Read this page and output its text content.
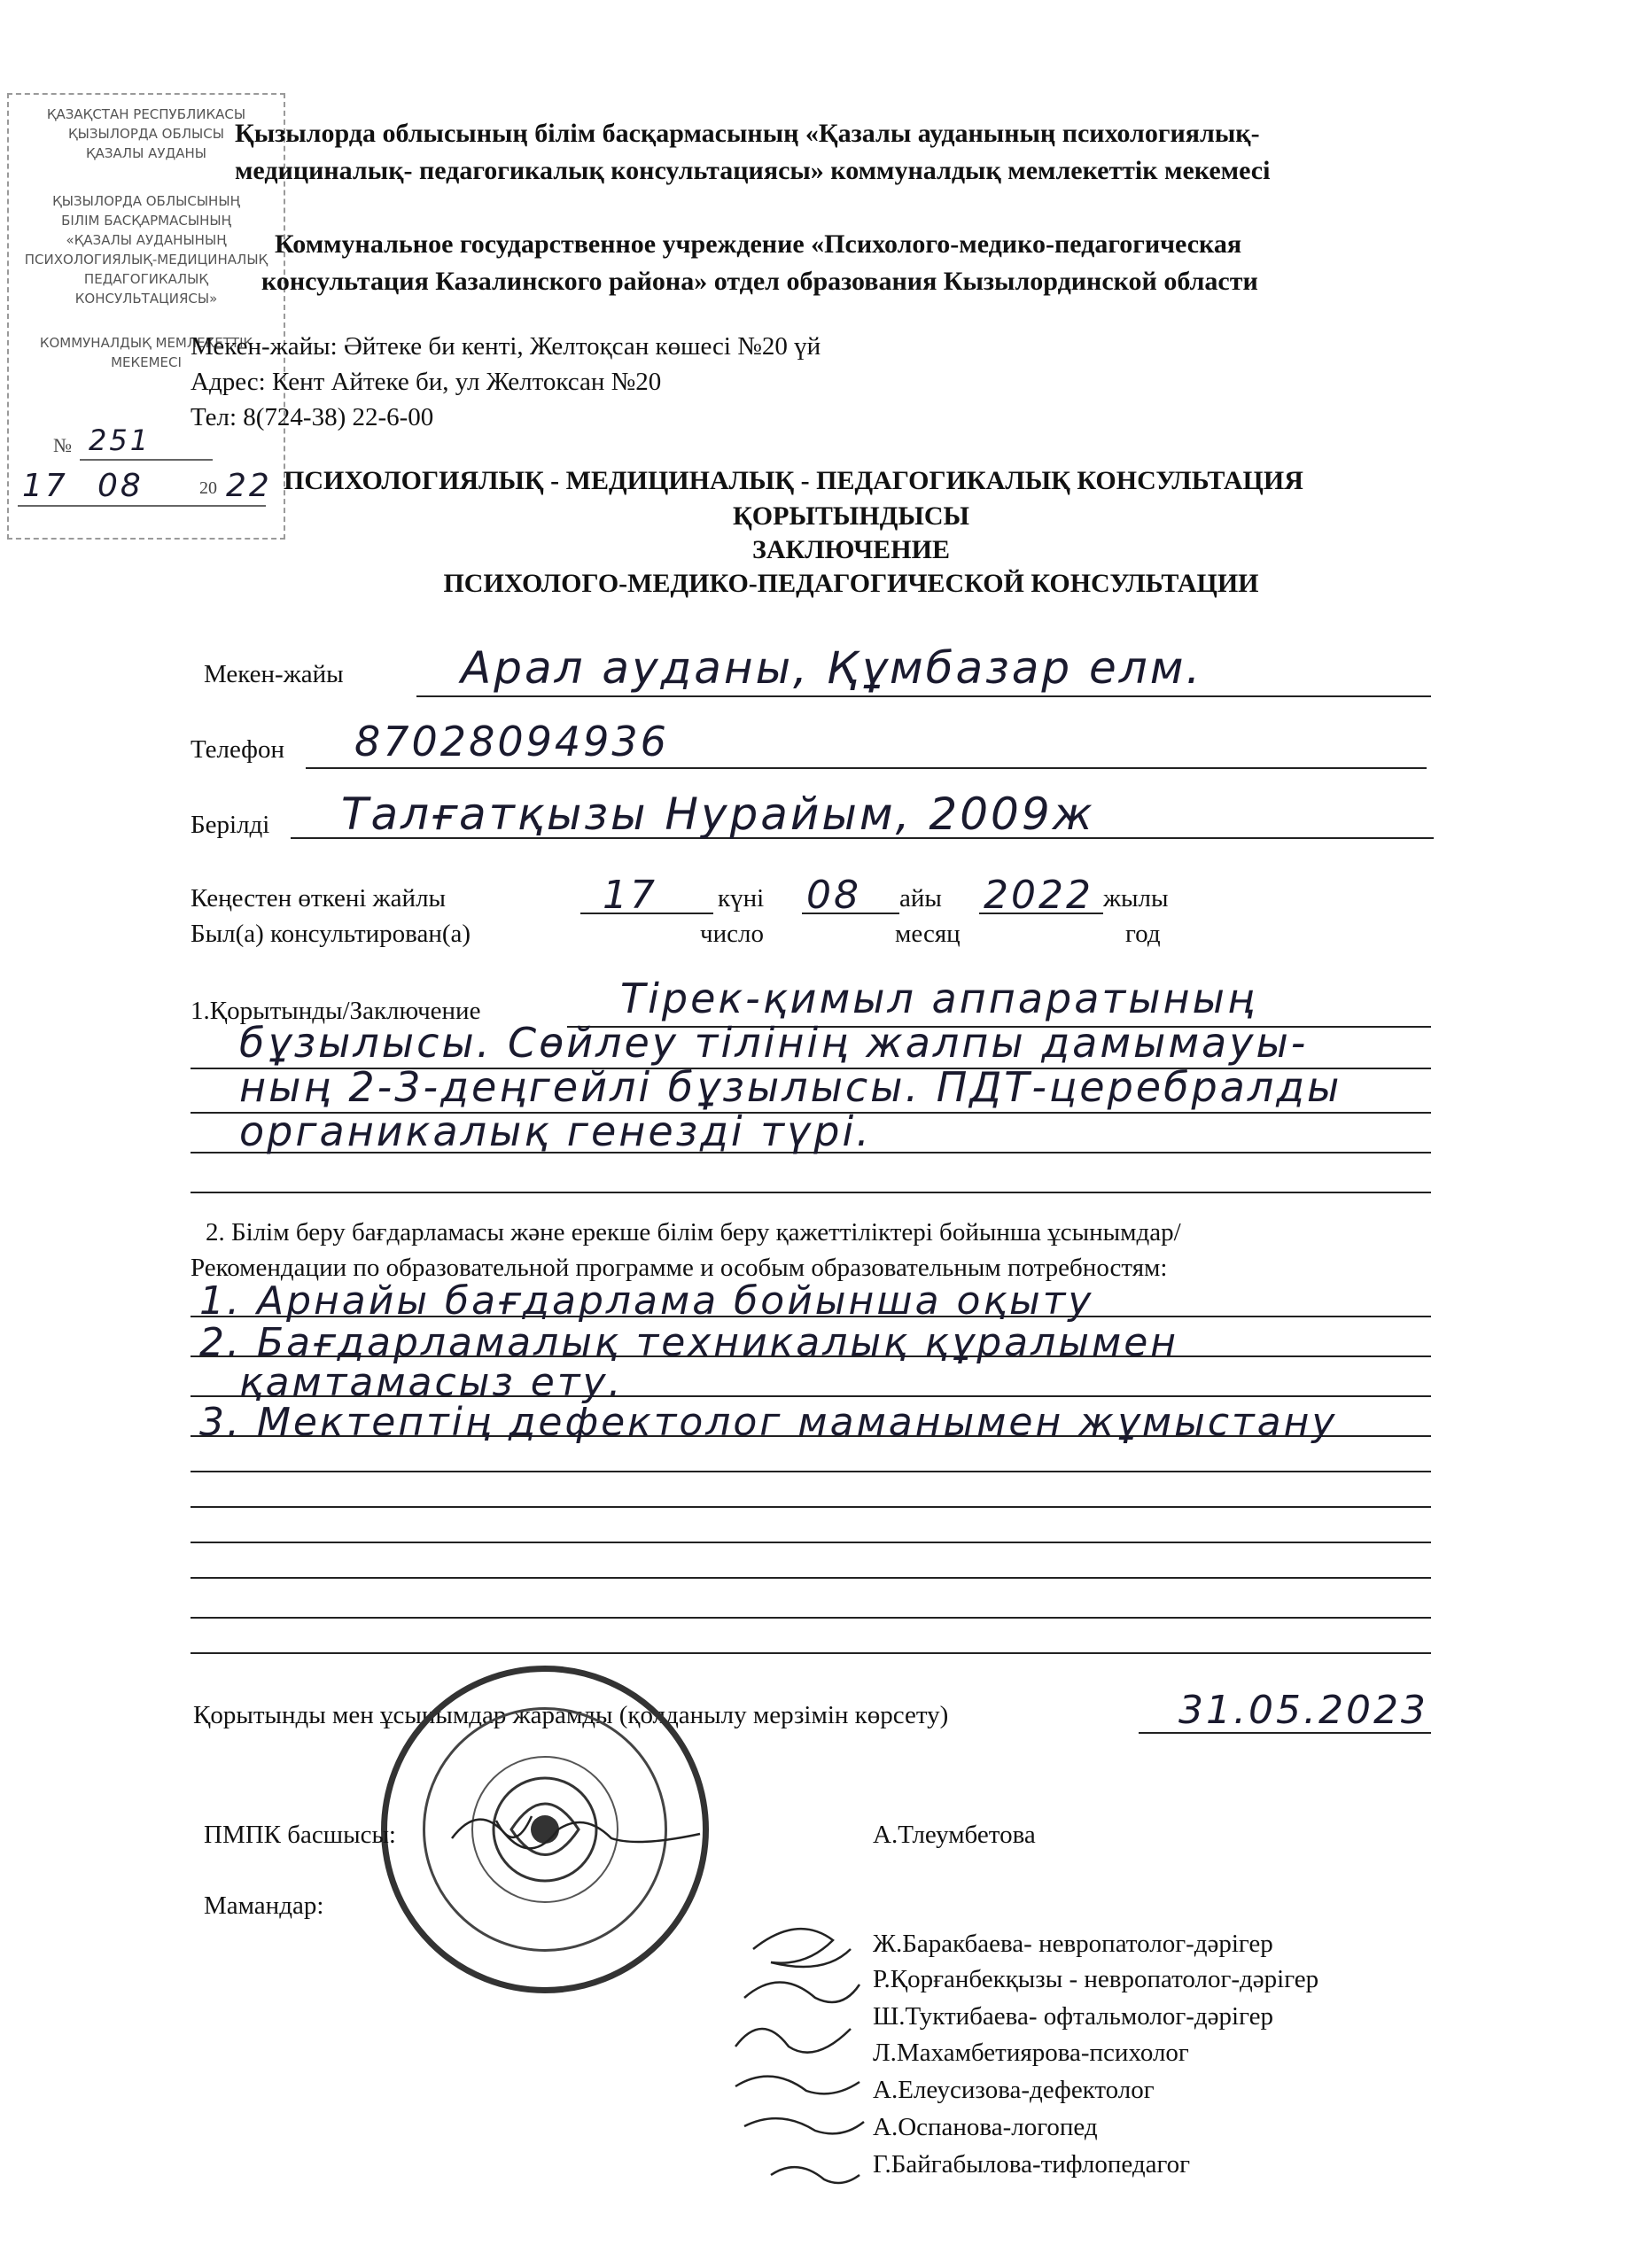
ҚАЗАҚСТАН РЕСПУБЛИКАСЫ
ҚЫЗЫЛОРДА ОБЛЫСЫ
ҚАЗАЛЫ АУДАНЫ
ҚЫЗЫЛОРДА ОБЛЫСЫНЫҢ
БІЛІМ БАСҚАРМАСЫНЫҢ
«ҚАЗАЛЫ АУДАНЫНЫҢ
ПСИХОЛОГИЯЛЫҚ-МЕДИЦИНАЛЫҚ
ПЕДАГОГИКАЛЫҚ
КОНСУЛЬТАЦИЯСЫ»
КОММУНАЛДЫҚ МЕМЛЕКЕТТІК
МЕКЕМЕСІ
№ 251
17 08	20 22
Қызылорда облысының білім басқармасының «Қазалы ауданының психологиялық-
медициналық- педагогикалық консультациясы» коммуналдық мемлекеттік мекемесі
Коммунальное государственное учреждение «Психолого-медико-педагогическая
консультация Казалинского района» отдел образования Кызылординской области
Мекен-жайы: Әйтеке би кенті, Желтоқсан көшесі №20 үй
Адрес: Кент Айтеке би, ул Желтоксан №20
Тел: 8(724-38) 22-6-00
ПСИХОЛОГИЯЛЫҚ - МЕДИЦИНАЛЫҚ - ПЕДАГОГИКАЛЫҚ КОНСУЛЬТАЦИЯ
ҚОРЫТЫНДЫСЫ
ЗАКЛЮЧЕНИЕ
ПСИХОЛОГО-МЕДИКО-ПЕДАГОГИЧЕСКОЙ КОНСУЛЬТАЦИИ
Мекен-жайы	Арал ауданы, Құмбазар елм.
Телефон 87028094936
Берілді Талғатқызы Нурайым, 2009ж
Кеңестен өткені жайлы
Был(а) консультирован(а)
17 күні
число
08 айы
месяц
2022 жылы
год
1.Қорытынды/Заключение	Тірек-қимыл аппаратының
бұзылысы. Сөйлеу тілінің жалпы дамымауы-
ның 2-3-деңгейлі бұзылысы. ПДТ-церебралды
органикалық генезді түрі.
2. Білім беру бағдарламасы және ерекше білім беру қажеттіліктері бойынша ұсынымдар/
Рекомендации по образовательной программе и особым образовательным потребностям:
1. Арнайы бағдарлама бойынша оқыту
2. Бағдарламалық техникалық құралымен
қамтамасыз ету.
3. Мектептің дефектолог маманымен жұмыстану
Қорытынды мен ұсынымдар жарамды (қолданылу мерзімін көрсету)	31.05.2023
ПМПК басшысы:	А.Тлеумбетова
Мамандар:
Ж.Баракбаева- невропатолог-дәрігер
Р.Қорғанбекқызы - невропатолог-дәрігер
Ш.Туктибаева- офтальмолог-дәрігер
Л.Махамбетиярова-психолог
А.Елеусизова-дефектолог
А.Оспанова-логопед
Г.Байгабылова-тифлопедагог
